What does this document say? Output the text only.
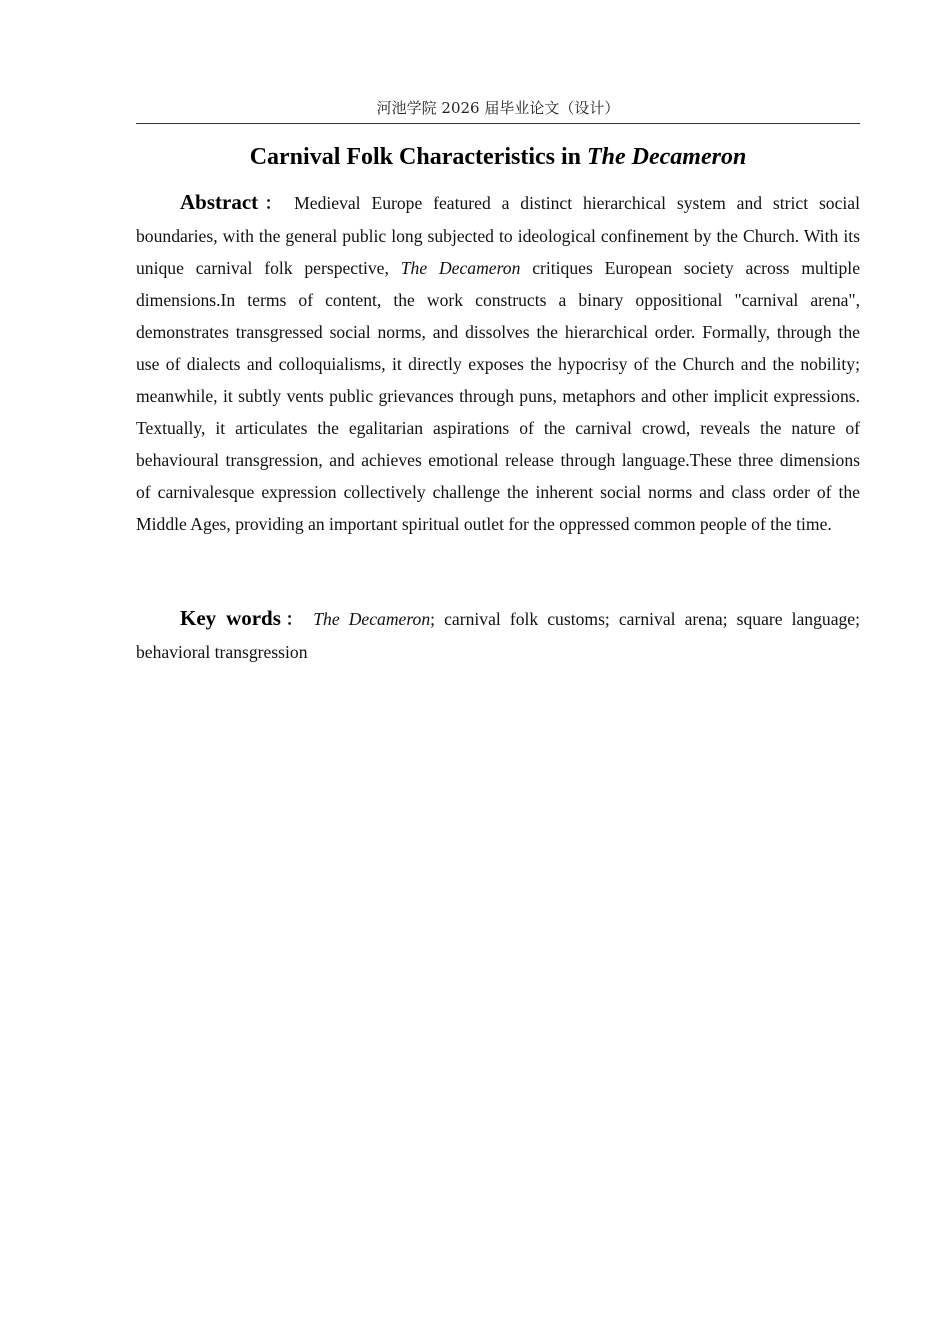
河池学院 2026 届毕业论文（设计）
Carnival Folk Characteristics in The Decameron

Abstract： Medieval Europe featured a distinct hierarchical system and strict social boundaries, with the general public long subjected to ideological confinement by the Church. With its unique carnival folk perspective, The Decameron critiques European society across multiple dimensions.In terms of content, the work constructs a binary oppositional "carnival arena", demonstrates transgressed social norms, and dissolves the hierarchical order. Formally, through the use of dialects and colloquialisms, it directly exposes the hypocrisy of the Church and the nobility; meanwhile, it subtly vents public grievances through puns, metaphors and other implicit expressions. Textually, it articulates the egalitarian aspirations of the carnival crowd, reveals the nature of behavioural transgression, and achieves emotional release through language.These three dimensions of carnivalesque expression collectively challenge the inherent social norms and class order of the Middle Ages, providing an important spiritual outlet for the oppressed common people of the time.

Key words： The Decameron; carnival folk customs; carnival arena; square language; behavioral transgression
